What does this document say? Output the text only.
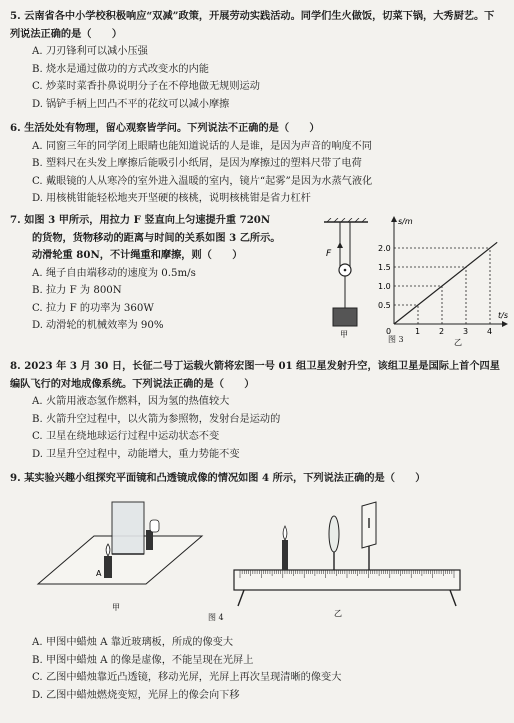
5. 云南省各中小学校积极响应“双减”政策，开展劳动实践活动。同学们生火做饭，切菜下锅，大秀厨艺。下列说法正确的是（　　）
A. 刀刃锋利可以减小压强
B. 烧水是通过做功的方式改变水的内能
C. 炒菜时菜香扑鼻说明分子在不停地做无规则运动
D. 锅铲手柄上凹凸不平的花纹可以减小摩擦
6. 生活处处有物理，留心观察皆学问。下列说法不正确的是（　　）
A. 同窗三年的同学闭上眼睛也能知道说话的人是谁，是因为声音的响度不同
B. 塑料尺在头发上摩擦后能吸引小纸屑，是因为摩擦过的塑料尺带了电荷
C. 戴眼镜的人从寒冷的室外进入温暖的室内，镜片“起雾”是因为水蒸气液化
D. 用核桃钳能轻松地夹开坚硬的核桃，说明核桃钳是省力杠杆
7. 如图 3 甲所示，用拉力 F 竖直向上匀速提升重 720N
的货物，货物移动的距离与时间的关系如图 3 乙所示。
动滑轮重 80N，不计绳重和摩擦，则（　　）
A. 绳子自由端移动的速度为 0.5m/s
B. 拉力 F 为 800N
C. 拉力 F 的功率为 360W
D. 动滑轮的机械效率为 90%
F
甲	1 2 3 4
0.5
1.0
1.5
2.0
0
s/m
t/s
乙
图 3
8. 2023 年 3 月 30 日，长征二号丁运载火箭将宏图一号 01 组卫星发射升空，该组卫星是国际上首个四星编队飞行的对地成像系统。下列说法正确的是（　　）
A. 火箭用液态氢作燃料，因为氢的热值较大
B. 火箭升空过程中，以火箭为参照物，发射台是运动的
C. 卫星在绕地球运行过程中运动状态不变
D. 卫星升空过程中，动能增大，重力势能不变
9. 某实验兴趣小组探究平面镜和凸透镜成像的情况如图 4 所示，下列说法正确的是（　　）
A
甲
乙
图 4
A. 甲图中蜡烛 A 靠近玻璃板，所成的像变大
B. 甲图中蜡烛 A 的像是虚像，不能呈现在光屏上
C. 乙图中蜡烛靠近凸透镜，移动光屏，光屏上再次呈现清晰的像变大
D. 乙图中蜡烛燃烧变短，光屏上的像会向下移
